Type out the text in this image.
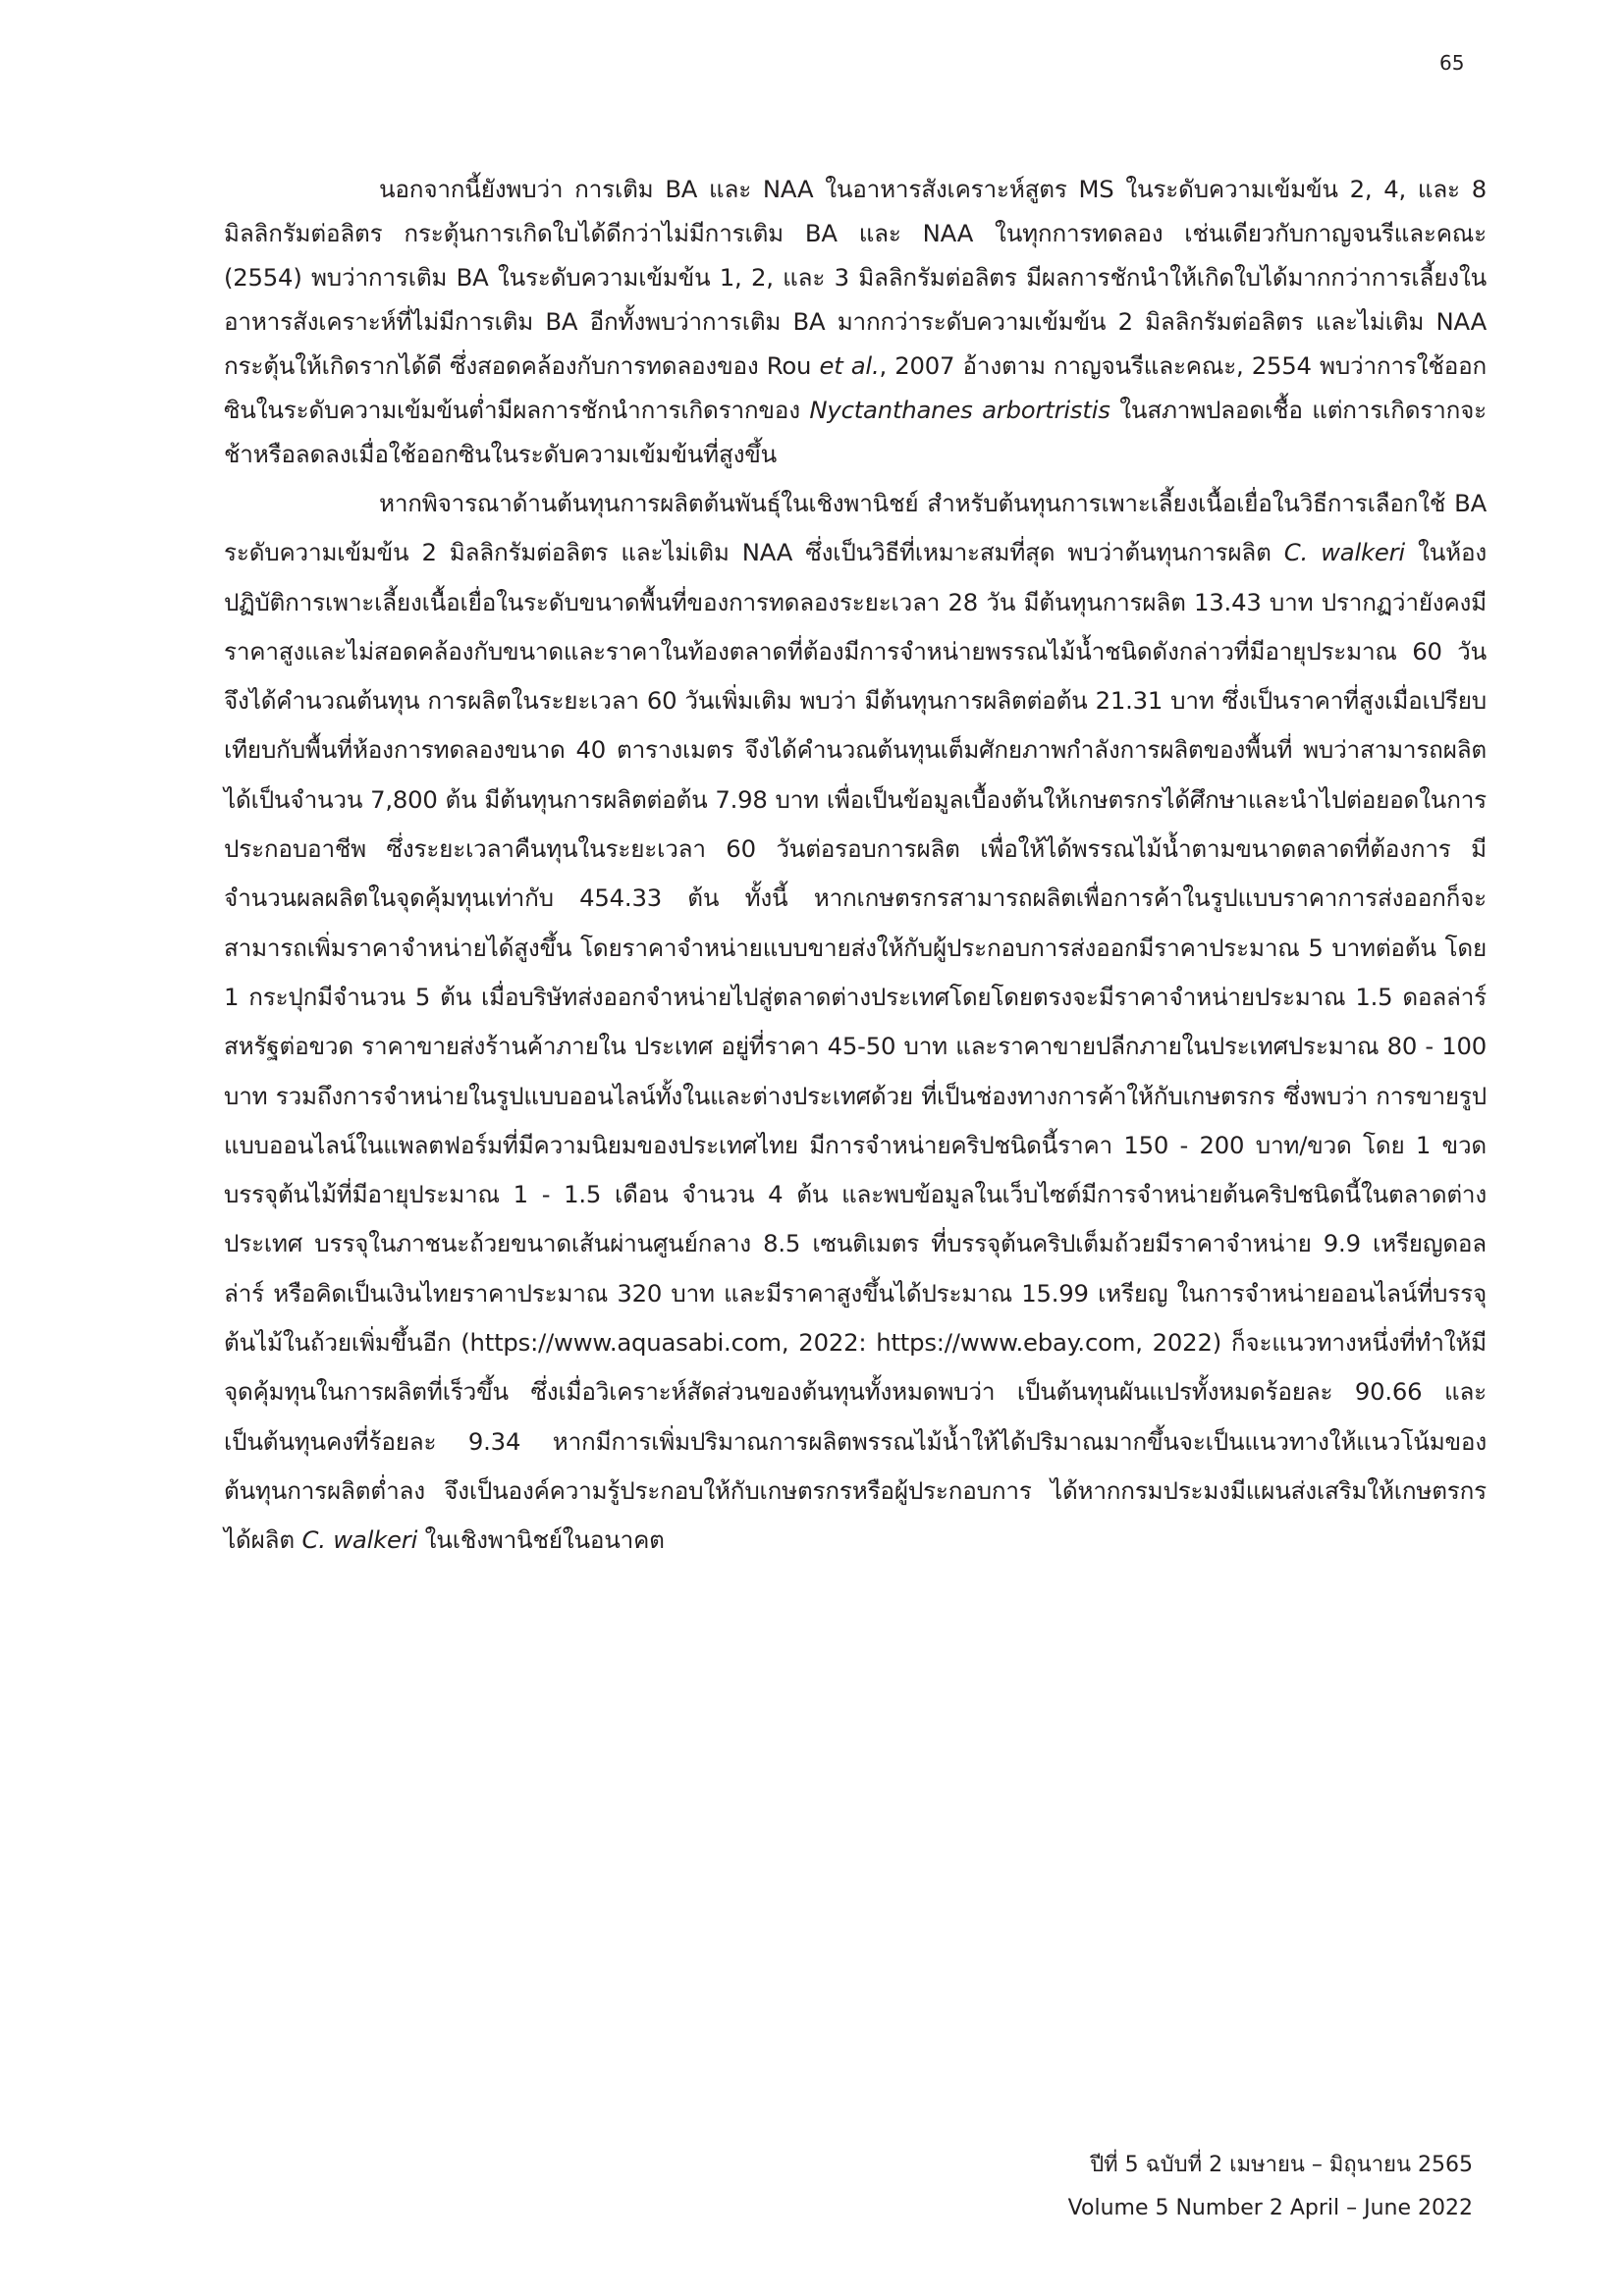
65

นอกจากนี้ยังพบว่า การเติม BA และ NAA ในอาหารสังเคราะห์สูตร MS ในระดับความเข้มข้น 2, 4, และ 8 มิลลิกรัมต่อลิตร กระตุ้นการเกิดใบได้ดีกว่าไม่มีการเติม BA และ NAA ในทุกการทดลอง เช่นเดียวกับกาญจนรีและคณะ (2554) พบว่าการเติม BA ในระดับความเข้มข้น 1, 2, และ 3 มิลลิกรัมต่อลิตร มีผลการชักนำให้เกิดใบได้มากกว่าการเลี้ยงในอาหารสังเคราะห์ที่ไม่มีการเติม BA อีกทั้งพบว่าการเติม BA มากกว่าระดับความเข้มข้น 2 มิลลิกรัมต่อลิตร และไม่เติม NAA กระตุ้นให้เกิดรากได้ดี ซึ่งสอดคล้องกับการทดลองของ Rou et al., 2007 อ้างตาม กาญจนรีและคณะ, 2554 พบว่าการใช้ออกซินในระดับความเข้มข้นต่ำมีผลการชักนำการเกิดรากของ Nyctanthanes arbortristis ในสภาพปลอดเชื้อ แต่การเกิดรากจะช้าหรือลดลงเมื่อใช้ออกซินในระดับความเข้มข้นที่สูงขึ้น

หากพิจารณาด้านต้นทุนการผลิตต้นพันธุ์ในเชิงพานิชย์ สำหรับต้นทุนการเพาะเลี้ยงเนื้อเยื่อในวิธีการเลือกใช้ BA ระดับความเข้มข้น 2 มิลลิกรัมต่อลิตร และไม่เติม NAA ซึ่งเป็นวิธีที่เหมาะสมที่สุด พบว่าต้นทุนการผลิต C. walkeri ในห้องปฏิบัติการเพาะเลี้ยงเนื้อเยื่อในระดับขนาดพื้นที่ของการทดลองระยะเวลา 28 วัน มีต้นทุนการผลิต 13.43 บาท ปรากฏว่ายังคงมีราคาสูงและไม่สอดคล้องกับขนาดและราคาในท้องตลาดที่ต้องมีการจำหน่ายพรรณไม้น้ำชนิดดังกล่าวที่มีอายุประมาณ 60 วัน จึงได้คำนวณต้นทุน การผลิตในระยะเวลา 60 วันเพิ่มเติม พบว่า มีต้นทุนการผลิตต่อต้น 21.31 บาท ซึ่งเป็นราคาที่สูงเมื่อเปรียบเทียบกับพื้นที่ห้องการทดลองขนาด 40 ตารางเมตร จึงได้คำนวณต้นทุนเต็มศักยภาพกำลังการผลิตของพื้นที่ พบว่าสามารถผลิตได้เป็นจำนวน 7,800 ต้น มีต้นทุนการผลิตต่อต้น 7.98 บาท เพื่อเป็นข้อมูลเบื้องต้นให้เกษตรกรได้ศึกษาและนำไปต่อยอดในการประกอบอาชีพ ซึ่งระยะเวลาคืนทุนในระยะเวลา 60 วันต่อรอบการผลิต เพื่อให้ได้พรรณไม้น้ำตามขนาดตลาดที่ต้องการ มีจำนวนผลผลิตในจุดคุ้มทุนเท่ากับ 454.33 ต้น ทั้งนี้ หากเกษตรกรสามารถผลิตเพื่อการค้าในรูปแบบราคาการส่งออกก็จะสามารถเพิ่มราคาจำหน่ายได้สูงขึ้น โดยราคาจำหน่ายแบบขายส่งให้กับผู้ประกอบการส่งออกมีราคาประมาณ 5 บาทต่อต้น โดย 1 กระปุกมีจำนวน 5 ต้น เมื่อบริษัทส่งออกจำหน่ายไปสู่ตลาดต่างประเทศโดยโดยตรงจะมีราคาจำหน่ายประมาณ 1.5 ดอลล่าร์สหรัฐต่อขวด ราคาขายส่งร้านค้าภายใน ประเทศ อยู่ที่ราคา 45-50 บาท และราคาขายปลีกภายในประเทศประมาณ 80 - 100 บาท รวมถึงการจำหน่ายในรูปแบบออนไลน์ทั้งในและต่างประเทศด้วย ที่เป็นช่องทางการค้าให้กับเกษตรกร ซึ่งพบว่า การขายรูปแบบออนไลน์ในแพลตฟอร์มที่มีความนิยมของประเทศไทย มีการจำหน่ายคริปชนิดนี้ราคา 150 - 200 บาท/ขวด โดย 1 ขวดบรรจุต้นไม้ที่มีอายุประมาณ 1 - 1.5 เดือน จำนวน 4 ต้น และพบข้อมูลในเว็บไซต์มีการจำหน่ายต้นคริปชนิดนี้ในตลาดต่างประเทศ บรรจุในภาชนะถ้วยขนาดเส้นผ่านศูนย์กลาง 8.5 เซนติเมตร ที่บรรจุต้นคริปเต็มถ้วยมีราคาจำหน่าย 9.9 เหรียญดอลล่าร์ หรือคิดเป็นเงินไทยราคาประมาณ 320 บาท และมีราคาสูงขึ้นได้ประมาณ 15.99 เหรียญ ในการจำหน่ายออนไลน์ที่บรรจุต้นไม้ในถ้วยเพิ่มขึ้นอีก (https://www.aquasabi.com, 2022: https://www.ebay.com, 2022) ก็จะแนวทางหนึ่งที่ทำให้มีจุดคุ้มทุนในการผลิตที่เร็วขึ้น ซึ่งเมื่อวิเคราะห์สัดส่วนของต้นทุนทั้งหมดพบว่า เป็นต้นทุนผันแปรทั้งหมดร้อยละ 90.66 และเป็นต้นทุนคงที่ร้อยละ 9.34 หากมีการเพิ่มปริมาณการผลิตพรรณไม้น้ำให้ได้ปริมาณมากขึ้นจะเป็นแนวทางให้แนวโน้มของต้นทุนการผลิตต่ำลง จึงเป็นองค์ความรู้ประกอบให้กับเกษตรกรหรือผู้ประกอบการ ได้หากกรมประมงมีแผนส่งเสริมให้เกษตรกรได้ผลิต C. walkeri ในเชิงพานิชย์ในอนาคต

ปีที่ 5 ฉบับที่ 2 เมษายน – มิถุนายน 2565
Volume 5 Number 2 April – June 2022
